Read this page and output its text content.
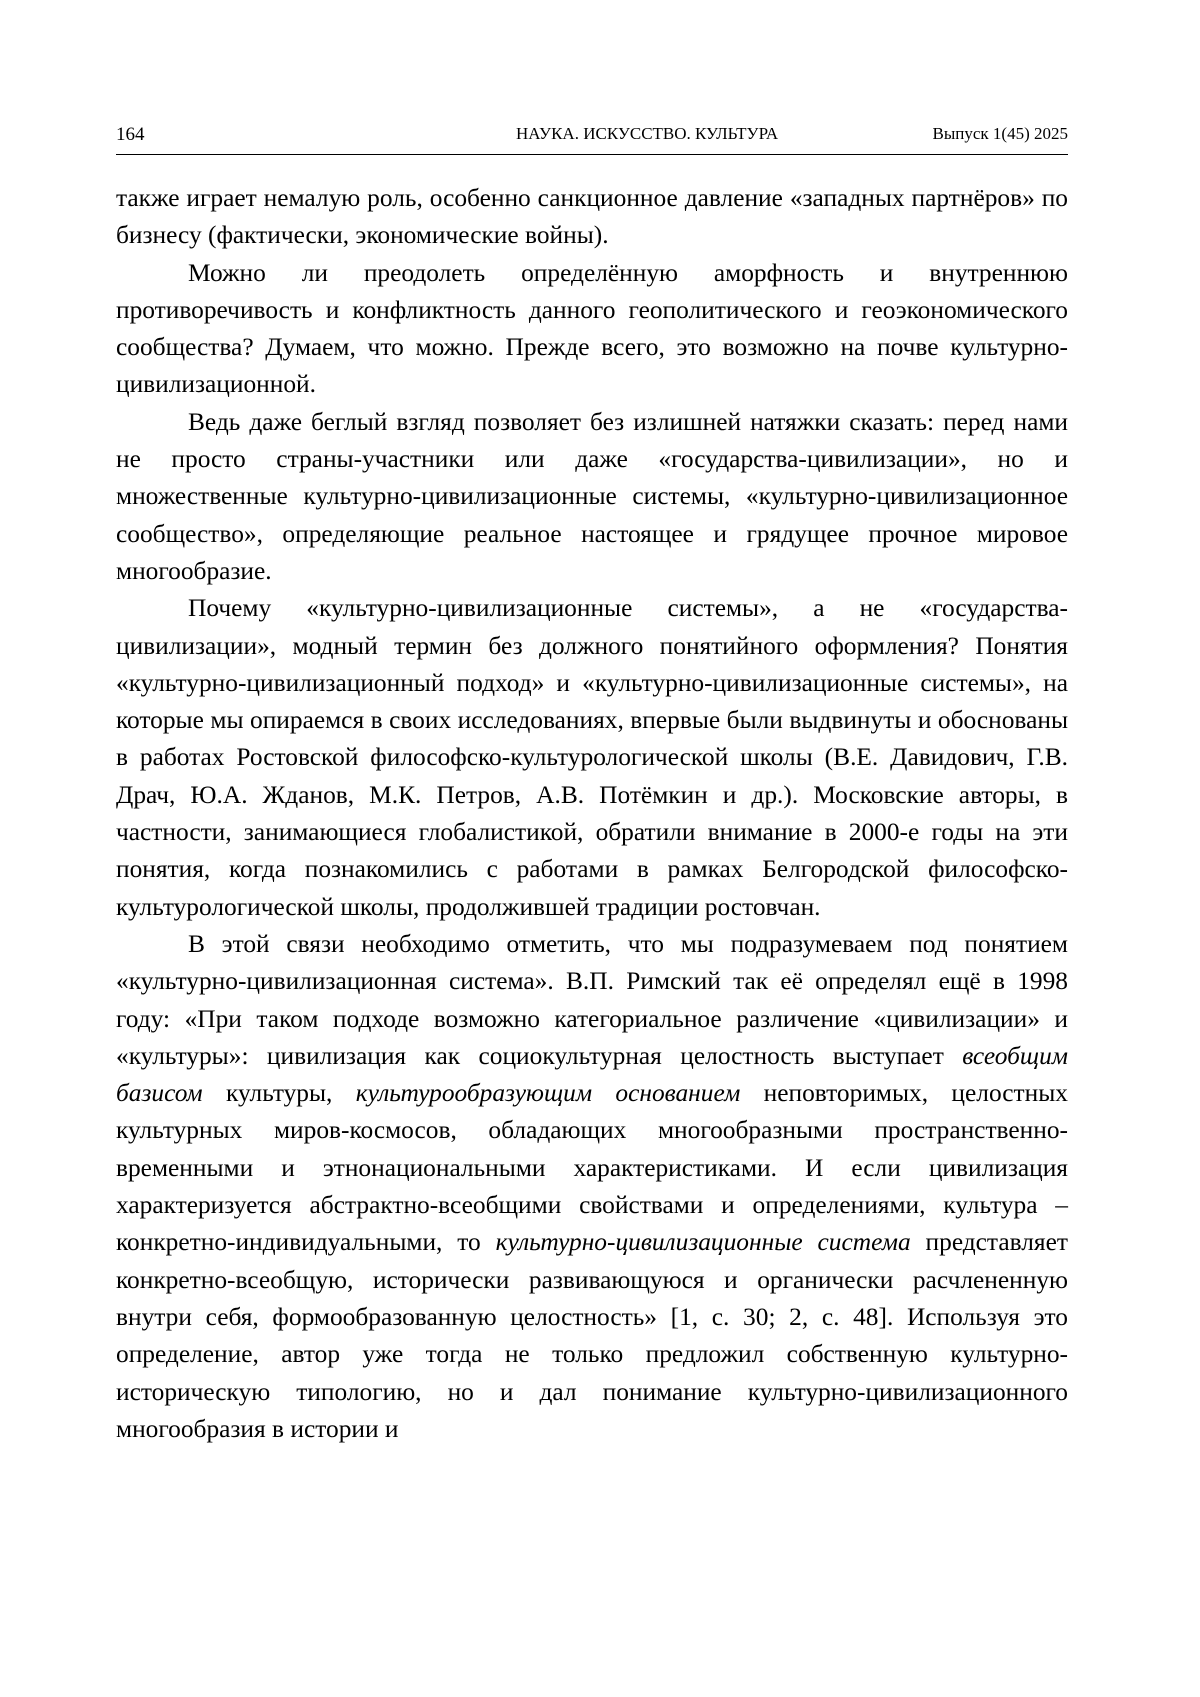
164	НАУКА. ИСКУССТВО. КУЛЬТУРА	Выпуск 1(45) 2025

также играет немалую роль, особенно санкционное давление «западных партнёров» по бизнесу (фактически, экономические войны).

Можно ли преодолеть определённую аморфность и внутреннюю противоречивость и конфликтность данного геополитического и геоэкономического сообщества? Думаем, что можно. Прежде всего, это возможно на почве культурно-цивилизационной.

Ведь даже беглый взгляд позволяет без излишней натяжки сказать: перед нами не просто страны-участники или даже «государства-цивилизации», но и множественные культурно-цивилизационные системы, «культурно-цивилизационное сообщество», определяющие реальное настоящее и грядущее прочное мировое многообразие.

Почему «культурно-цивилизационные системы», а не «государства-цивилизации», модный термин без должного понятийного оформления? Понятия «культурно-цивилизационный подход» и «культурно-цивилизационные системы», на которые мы опираемся в своих исследованиях, впервые были выдвинуты и обоснованы в работах Ростовской философско-культурологической школы (В.Е. Давидович, Г.В. Драч, Ю.А. Жданов, М.К. Петров, А.В. Потёмкин и др.). Московские авторы, в частности, занимающиеся глобалистикой, обратили внимание в 2000-е годы на эти понятия, когда познакомились с работами в рамках Белгородской философско-культурологической школы, продолжившей традиции ростовчан.

В этой связи необходимо отметить, что мы подразумеваем под понятием «культурно-цивилизационная система». В.П. Римский так её определял ещё в 1998 году: «При таком подходе возможно категориальное различение «цивилизации» и «культуры»: цивилизация как социокультурная целостность выступает всеобщим базисом культуры, культурообразующим основанием неповторимых, целостных культурных миров-космосов, обладающих многообразными пространственно-временными и этнонациональными характеристиками. И если цивилизация характеризуется абстрактно-всеобщими свойствами и определениями, культура – конкретно-индивидуальными, то культурно-цивилизационные система представляет конкретно-всеобщую, исторически развивающуюся и органически расчлененную внутри себя, формообразованную целостность» [1, с. 30; 2, с. 48]. Используя это определение, автор уже тогда не только предложил собственную культурно-историческую типологию, но и дал понимание культурно-цивилизационного многообразия в истории и
